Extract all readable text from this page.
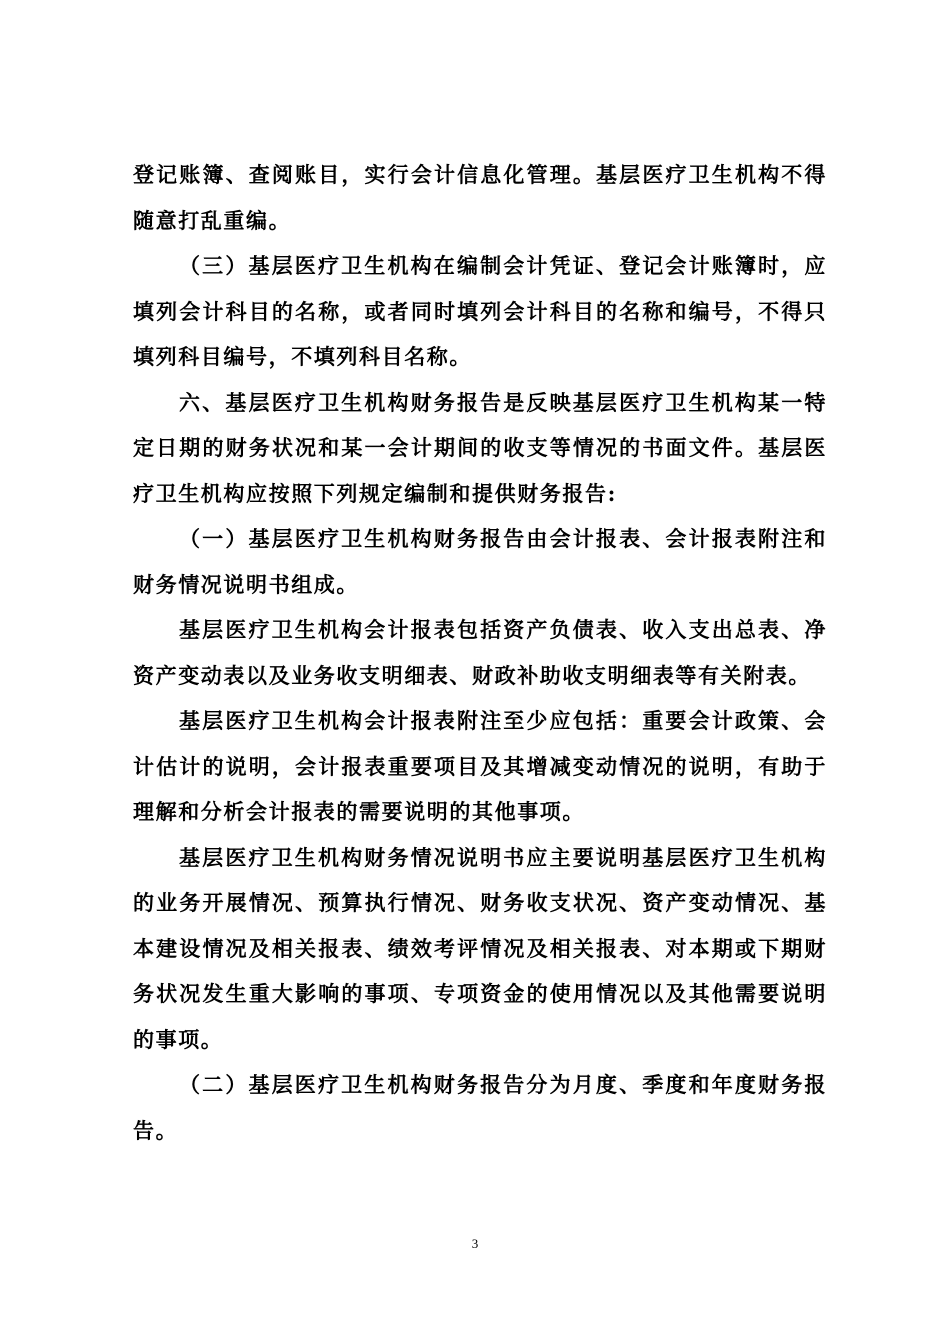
登记账簿、查阅账目，实行会计信息化管理。基层医疗卫生机构不得随意打乱重编。

（三）基层医疗卫生机构在编制会计凭证、登记会计账簿时，应填列会计科目的名称，或者同时填列会计科目的名称和编号，不得只填列科目编号，不填列科目名称。

六、基层医疗卫生机构财务报告是反映基层医疗卫生机构某一特定日期的财务状况和某一会计期间的收支等情况的书面文件。基层医疗卫生机构应按照下列规定编制和提供财务报告:

（一）基层医疗卫生机构财务报告由会计报表、会计报表附注和财务情况说明书组成。

基层医疗卫生机构会计报表包括资产负债表、收入支出总表、净资产变动表以及业务收支明细表、财政补助收支明细表等有关附表。

基层医疗卫生机构会计报表附注至少应包括：重要会计政策、会计估计的说明，会计报表重要项目及其增减变动情况的说明，有助于理解和分析会计报表的需要说明的其他事项。

基层医疗卫生机构财务情况说明书应主要说明基层医疗卫生机构的业务开展情况、预算执行情况、财务收支状况、资产变动情况、基本建设情况及相关报表、绩效考评情况及相关报表、对本期或下期财务状况发生重大影响的事项、专项资金的使用情况以及其他需要说明的事项。

（二）基层医疗卫生机构财务报告分为月度、季度和年度财务报告。

3
